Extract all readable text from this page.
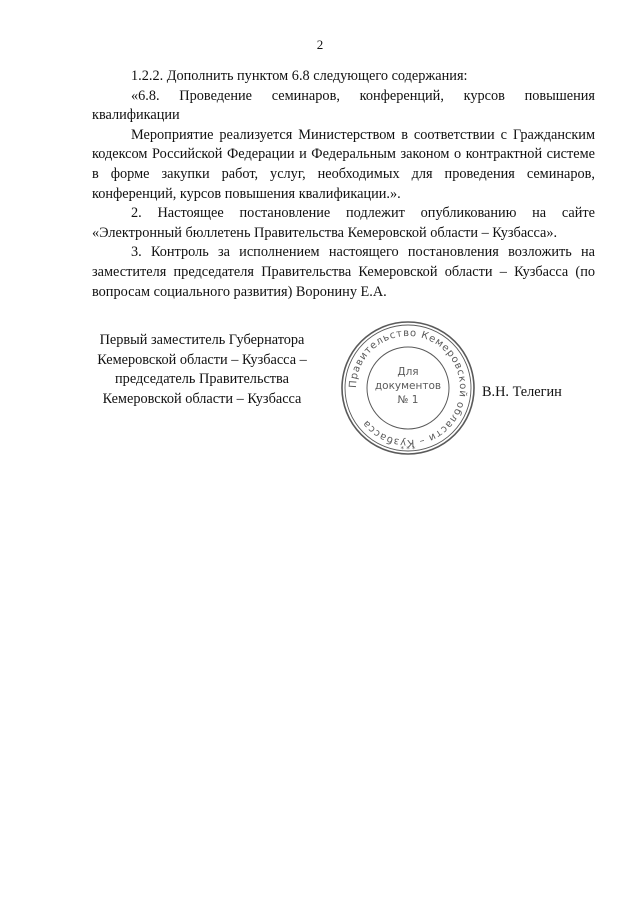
2

1.2.2. Дополнить пунктом 6.8 следующего содержания:

«6.8. Проведение семинаров, конференций, курсов повышения квалификации

Мероприятие реализуется Министерством в соответствии с Гражданским кодексом Российской Федерации и Федеральным законом о контрактной системе в форме закупки работ, услуг, необходимых для проведения семинаров, конференций, курсов повышения квалификации.».

2. Настоящее постановление подлежит опубликованию на сайте «Электронный бюллетень Правительства Кемеровской области – Кузбасса».

3. Контроль за исполнением настоящего постановления возложить на заместителя председателя Правительства Кемеровской области – Кузбасса (по вопросам социального развития) Воронину Е.А.

Первый заместитель Губернатора
Кемеровской области – Кузбасса –
председатель Правительства
Кемеровской области – Кузбасса
Правительство Кемеровской области – Кузбасса
Для
документов
№ 1
* * *
В.Н. Телегин
